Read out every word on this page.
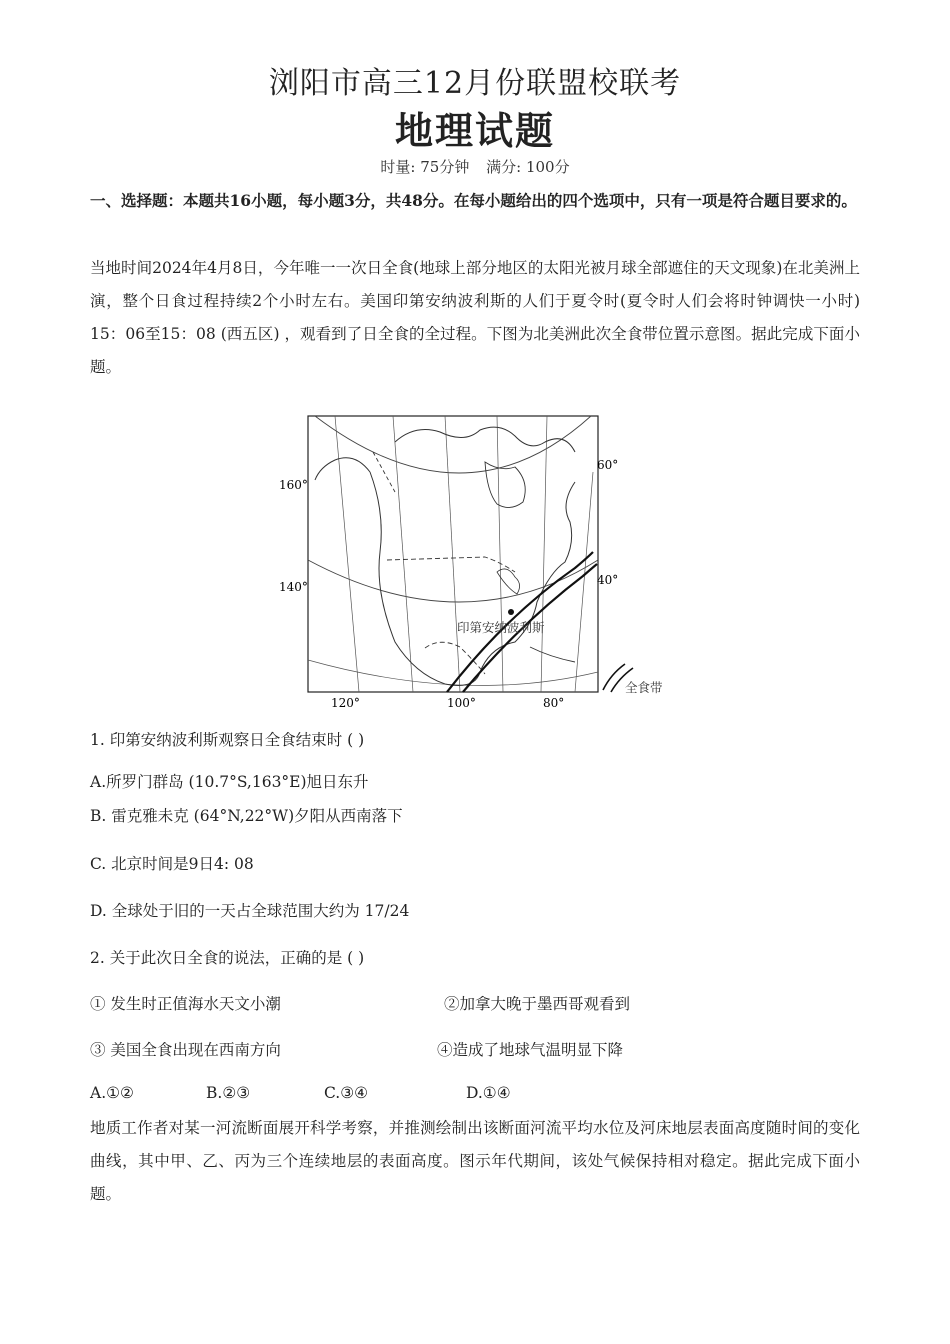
浏阳市高三12月份联盟校联考
地理试题
时量: 75分钟 满分: 100分
一、选择题：本题共16小题，每小题3分，共48分。在每小题给出的四个选项中，只有一项是符合题目要求的。
当地时间2024年4月8日，今年唯一一次日全食(地球上部分地区的太阳光被月球全部遮住的天文现象)在北美洲上演，整个日食过程持续2个小时左右。美国印第安纳波利斯的人们于夏令时(夏令时人们会将时钟调快一小时) 15：06至15：08 (西五区) ，观看到了日全食的全过程。下图为北美洲此次全食带位置示意图。据此完成下面小题。
60°
40°
160°
140°
120°	100°	80°
印第安纳波利斯
全食带
1. 印第安纳波利斯观察日全食结束时 ( )
A.所罗门群岛 (10.7°S,163°E)旭日东升
B. 雷克雅未克 (64°N,22°W)夕阳从西南落下
C. 北京时间是9日4: 08
D. 全球处于旧的一天占全球范围大约为 17/24
2. 关于此次日全食的说法，正确的是 ( )
① 发生时正值海水天文小潮	②加拿大晚于墨西哥观看到
③ 美国全食出现在西南方向	④造成了地球气温明显下降
A.①②	B.②③	C.③④	D.①④
地质工作者对某一河流断面展开科学考察，并推测绘制出该断面河流平均水位及河床地层表面高度随时间的变化曲线，其中甲、乙、丙为三个连续地层的表面高度。图示年代期间，该处气候保持相对稳定。据此完成下面小题。
